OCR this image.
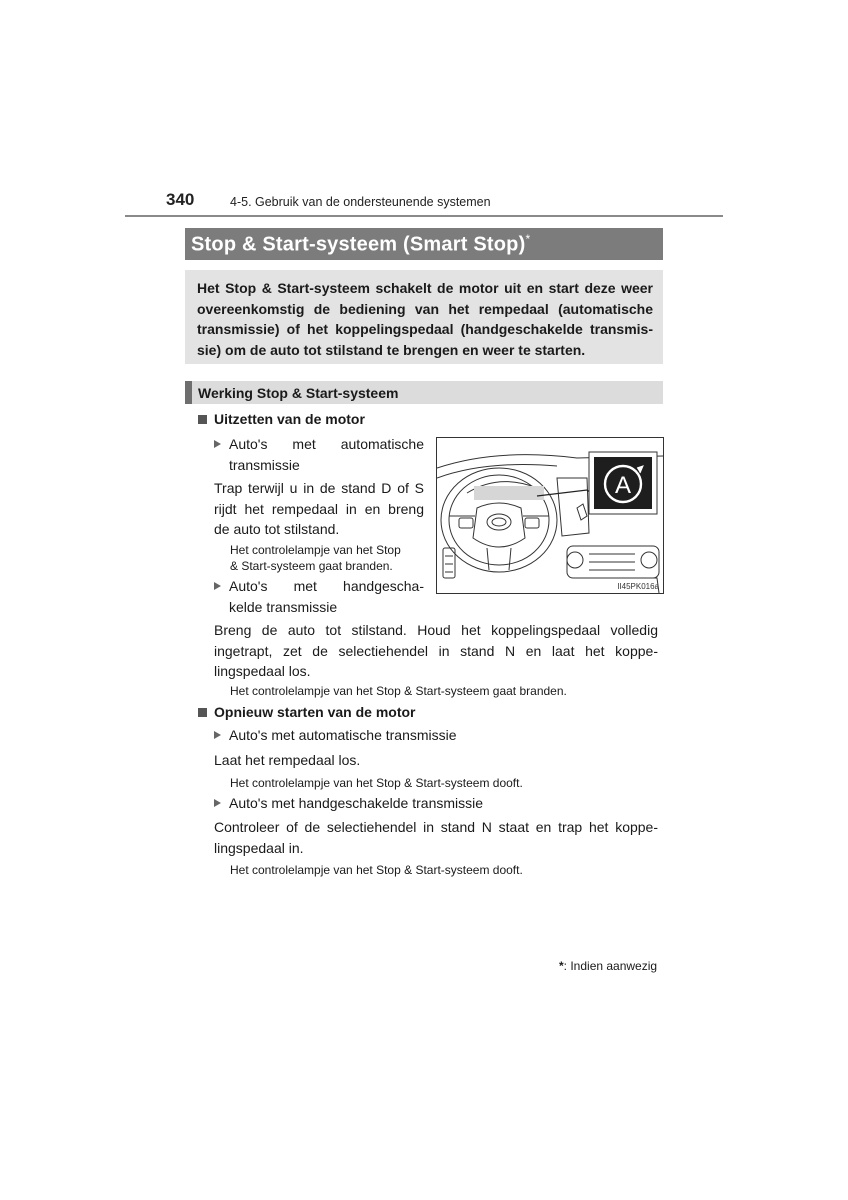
340	4-5. Gebruik van de ondersteunende systemen
Stop & Start-systeem (Smart Stop)*
Het Stop & Start-systeem schakelt de motor uit en start deze weer overeenkomstig de bediening van het rempedaal (automatische transmissie) of het koppelingspedaal (handgeschakelde transmis-sie) om de auto tot stilstand te brengen en weer te starten.
Werking Stop & Start-systeem
Uitzetten van de motor
Auto's met automatische
transmissie
Trap terwijl u in de stand D of S
rijdt het rempedaal in en breng
de auto tot stilstand.
Het controlelampje van het Stop
& Start-systeem gaat branden.
Auto's met handgescha-
kelde transmissie
Breng de auto tot stilstand. Houd het koppelingspedaal volledig ingetrapt, zet de selectiehendel in stand N en laat het koppe-lingspedaal los.
Het controlelampje van het Stop & Start-systeem gaat branden.
Opnieuw starten van de motor
Auto's met automatische transmissie
Laat het rempedaal los.
Het controlelampje van het Stop & Start-systeem dooft.
Auto's met handgeschakelde transmissie
Controleer of de selectiehendel in stand N staat en trap het koppe-lingspedaal in.
Het controlelampje van het Stop & Start-systeem dooft.
A
II45PK016a
*: Indien aanwezig
